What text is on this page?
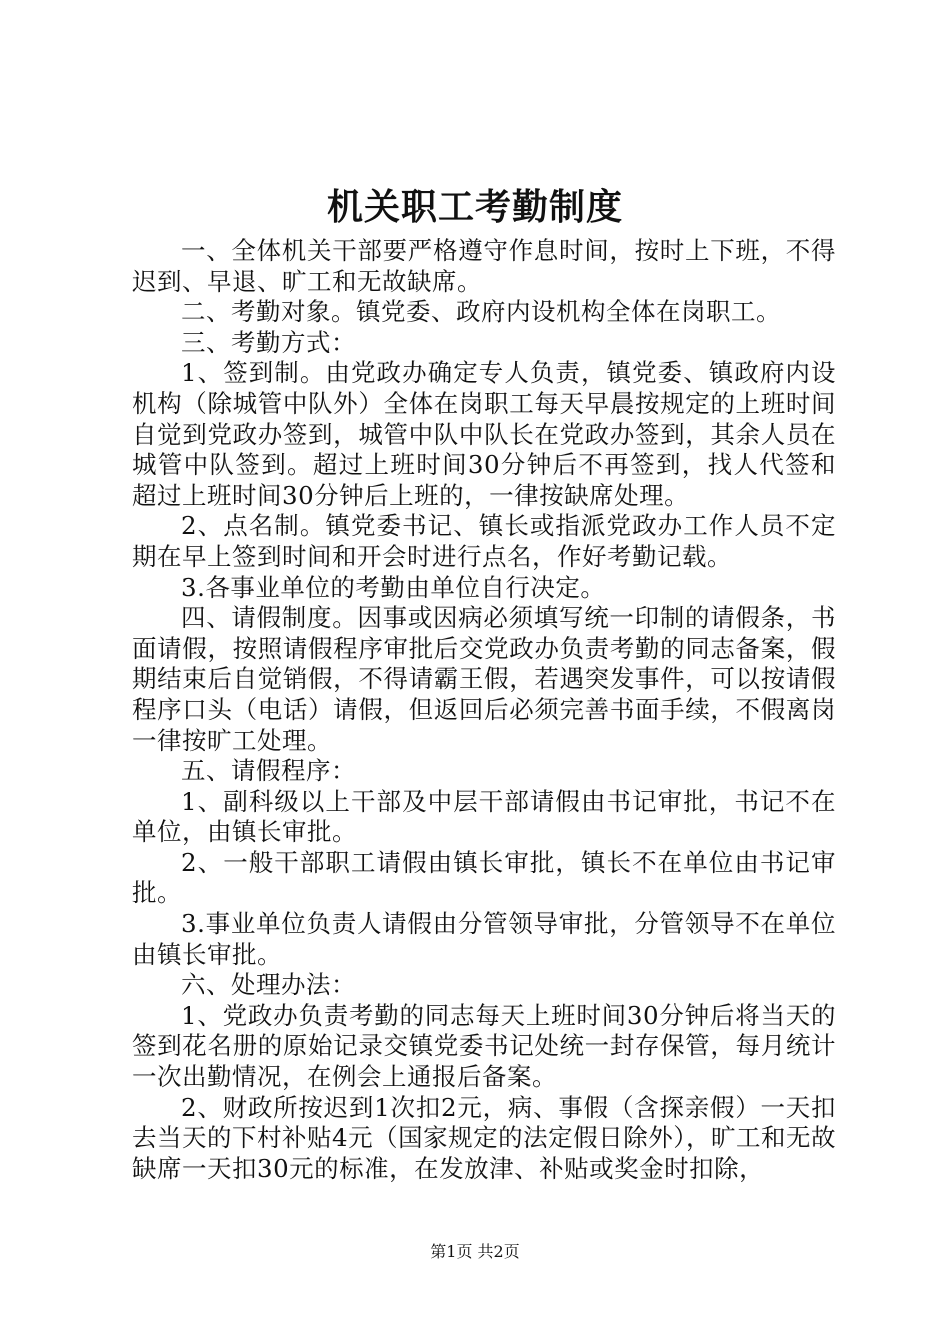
机关职工考勤制度

一、全体机关干部要严格遵守作息时间，按时上下班，不得迟到、早退、旷工和无故缺席。

二、考勤对象。镇党委、政府内设机构全体在岗职工。

三、考勤方式：

1、签到制。由党政办确定专人负责，镇党委、镇政府内设机构（除城管中队外）全体在岗职工每天早晨按规定的上班时间自觉到党政办签到，城管中队中队长在党政办签到，其余人员在城管中队签到。超过上班时间30分钟后不再签到，找人代签和超过上班时间30分钟后上班的，一律按缺席处理。

2、点名制。镇党委书记、镇长或指派党政办工作人员不定期在早上签到时间和开会时进行点名，作好考勤记载。

3.各事业单位的考勤由单位自行决定。

四、请假制度。因事或因病必须填写统一印制的请假条，书面请假，按照请假程序审批后交党政办负责考勤的同志备案，假期结束后自觉销假，不得请霸王假，若遇突发事件，可以按请假程序口头（电话）请假，但返回后必须完善书面手续，不假离岗一律按旷工处理。

五、请假程序：

1、副科级以上干部及中层干部请假由书记审批，书记不在单位，由镇长审批。

2、一般干部职工请假由镇长审批，镇长不在单位由书记审批。

3.事业单位负责人请假由分管领导审批，分管领导不在单位由镇长审批。

六、处理办法：

1、党政办负责考勤的同志每天上班时间30分钟后将当天的签到花名册的原始记录交镇党委书记处统一封存保管，每月统计一次出勤情况，在例会上通报后备案。

2、财政所按迟到1次扣2元，病、事假（含探亲假）一天扣去当天的下村补贴4元（国家规定的法定假日除外），旷工和无故缺席一天扣30元的标准，在发放津、补贴或奖金时扣除，

第1页 共2页
